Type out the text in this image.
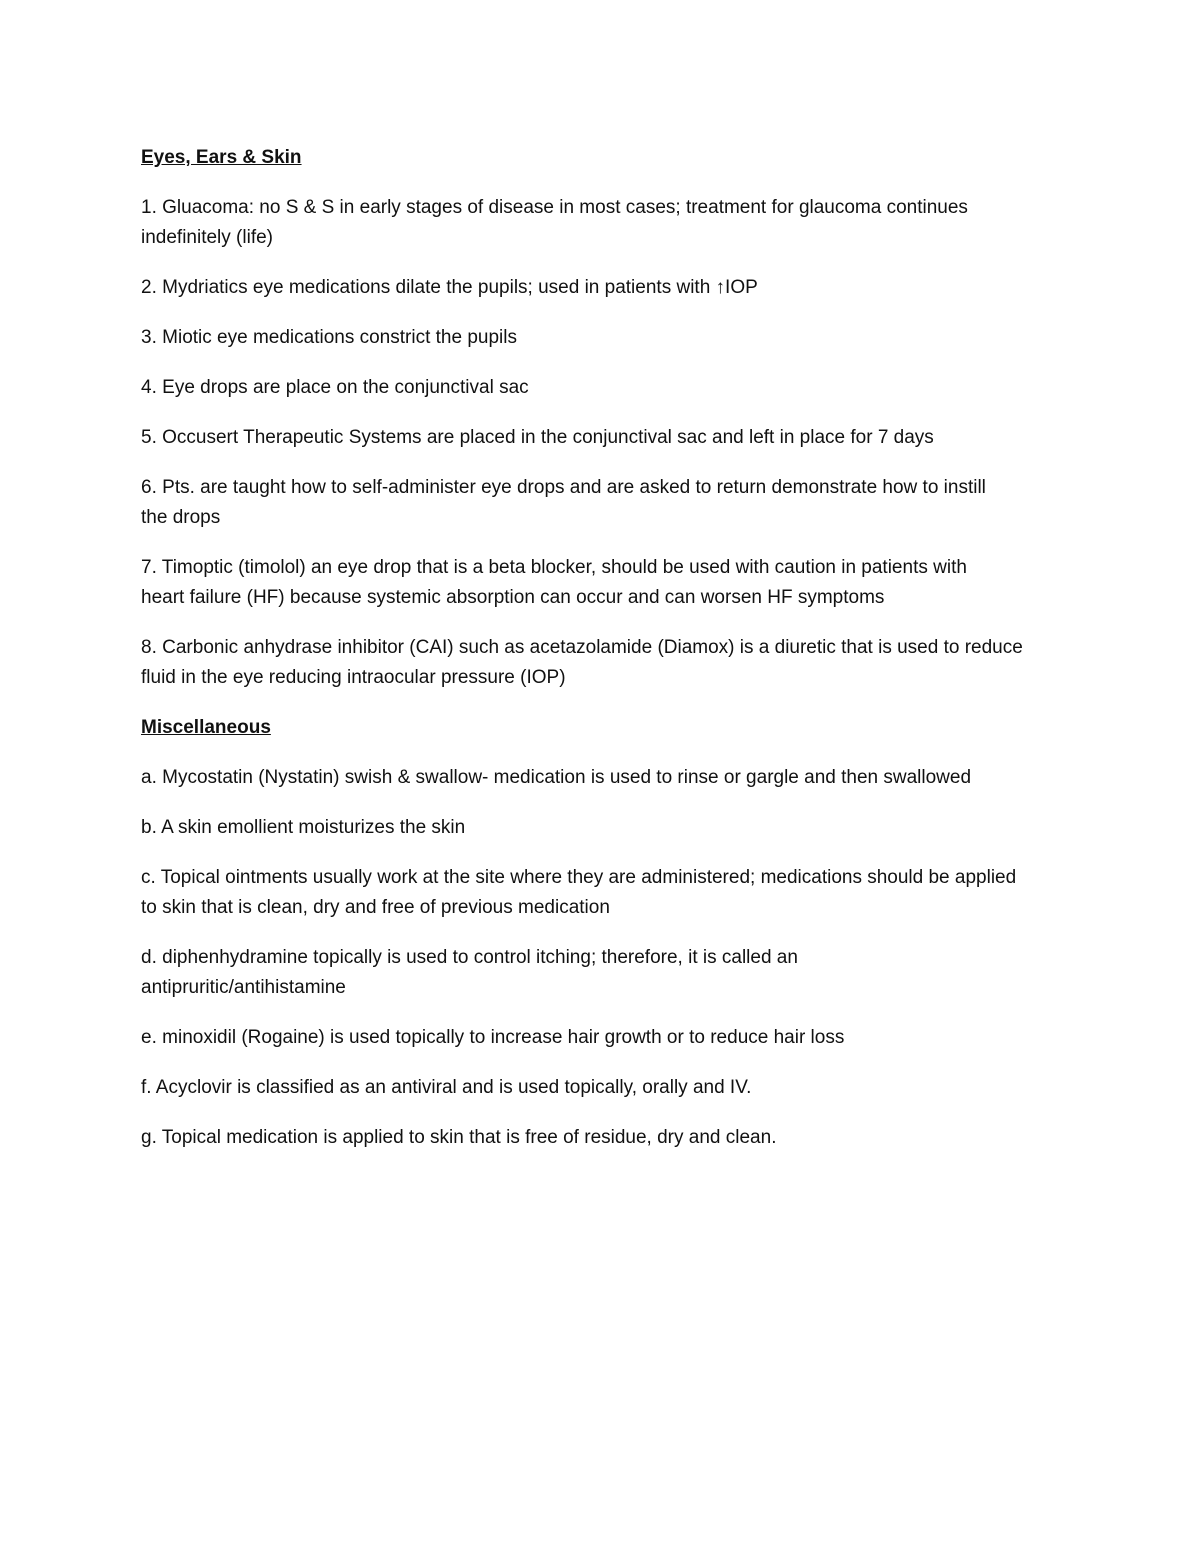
Eyes, Ears & Skin
1. Gluacoma: no S & S in early stages of disease in most cases; treatment for glaucoma continues
indefinitely (life)
2. Mydriatics eye medications dilate the pupils; used in patients with ↑IOP
3. Miotic eye medications constrict the pupils
4. Eye drops are place on the conjunctival sac
5. Occusert Therapeutic Systems are placed in the conjunctival sac and left in place for 7 days
6. Pts. are taught how to self-administer eye drops and are asked to return demonstrate how to instill
the drops
7. Timoptic (timolol) an eye drop that is a beta blocker, should be used with caution in patients with
heart failure (HF) because systemic absorption can occur and can worsen HF symptoms
8. Carbonic anhydrase inhibitor (CAI) such as acetazolamide (Diamox) is a diuretic that is used to reduce
fluid in the eye reducing intraocular pressure (IOP)
Miscellaneous
a. Mycostatin (Nystatin) swish & swallow- medication is used to rinse or gargle and then swallowed
b. A skin emollient moisturizes the skin
c. Topical ointments usually work at the site where they are administered; medications should be applied
to skin that is clean, dry and free of previous medication
d. diphenhydramine topically is used to control itching; therefore, it is called an
antipruritic/antihistamine
e. minoxidil (Rogaine) is used topically to increase hair growth or to reduce hair loss
f. Acyclovir is classified as an antiviral and is used topically, orally and IV.
g. Topical medication is applied to skin that is free of residue, dry and clean.
